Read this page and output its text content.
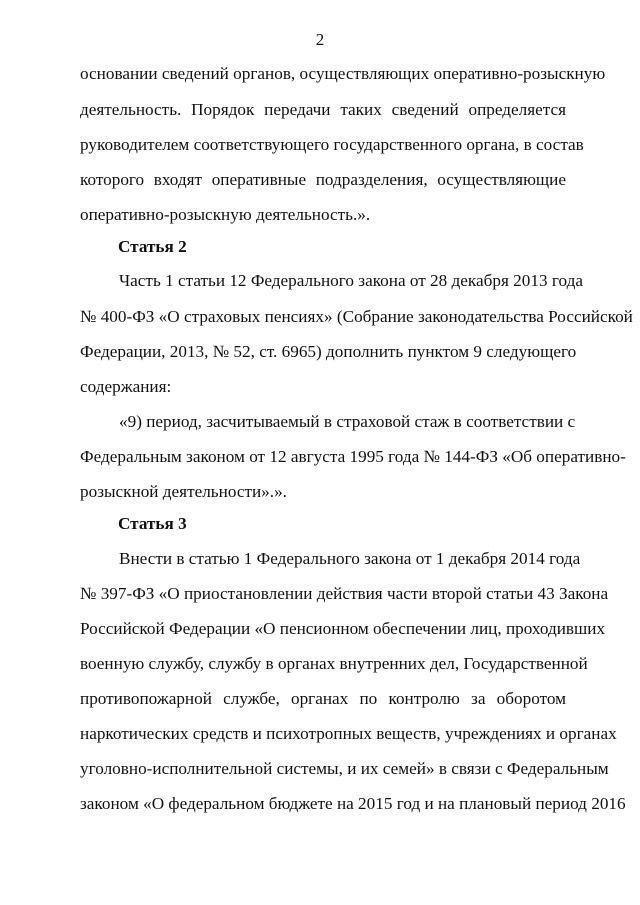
2
основании сведений органов, осуществляющих оперативно-розыскную
деятельность. Порядок передачи таких сведений определяется
руководителем соответствующего государственного органа, в состав
которого входят оперативные подразделения, осуществляющие
оперативно-розыскную деятельность.».
Статья 2
Часть 1 статьи 12 Федерального закона от 28 декабря 2013 года
№ 400-ФЗ «О страховых пенсиях» (Собрание законодательства Российской
Федерации, 2013, № 52, ст. 6965) дополнить пунктом 9 следующего
содержания:
«9) период, засчитываемый в страховой стаж в соответствии с
Федеральным законом от 12 августа 1995 года № 144-ФЗ «Об оперативно-
розыскной деятельности».».
Статья 3
Внести в статью 1 Федерального закона от 1 декабря 2014 года
№ 397-ФЗ «О приостановлении действия части второй статьи 43 Закона
Российской Федерации «О пенсионном обеспечении лиц, проходивших
военную службу, службу в органах внутренних дел, Государственной
противопожарной службе, органах по контролю за оборотом
наркотических средств и психотропных веществ, учреждениях и органах
уголовно-исполнительной системы, и их семей» в связи с Федеральным
законом «О федеральном бюджете на 2015 год и на плановый период 2016
